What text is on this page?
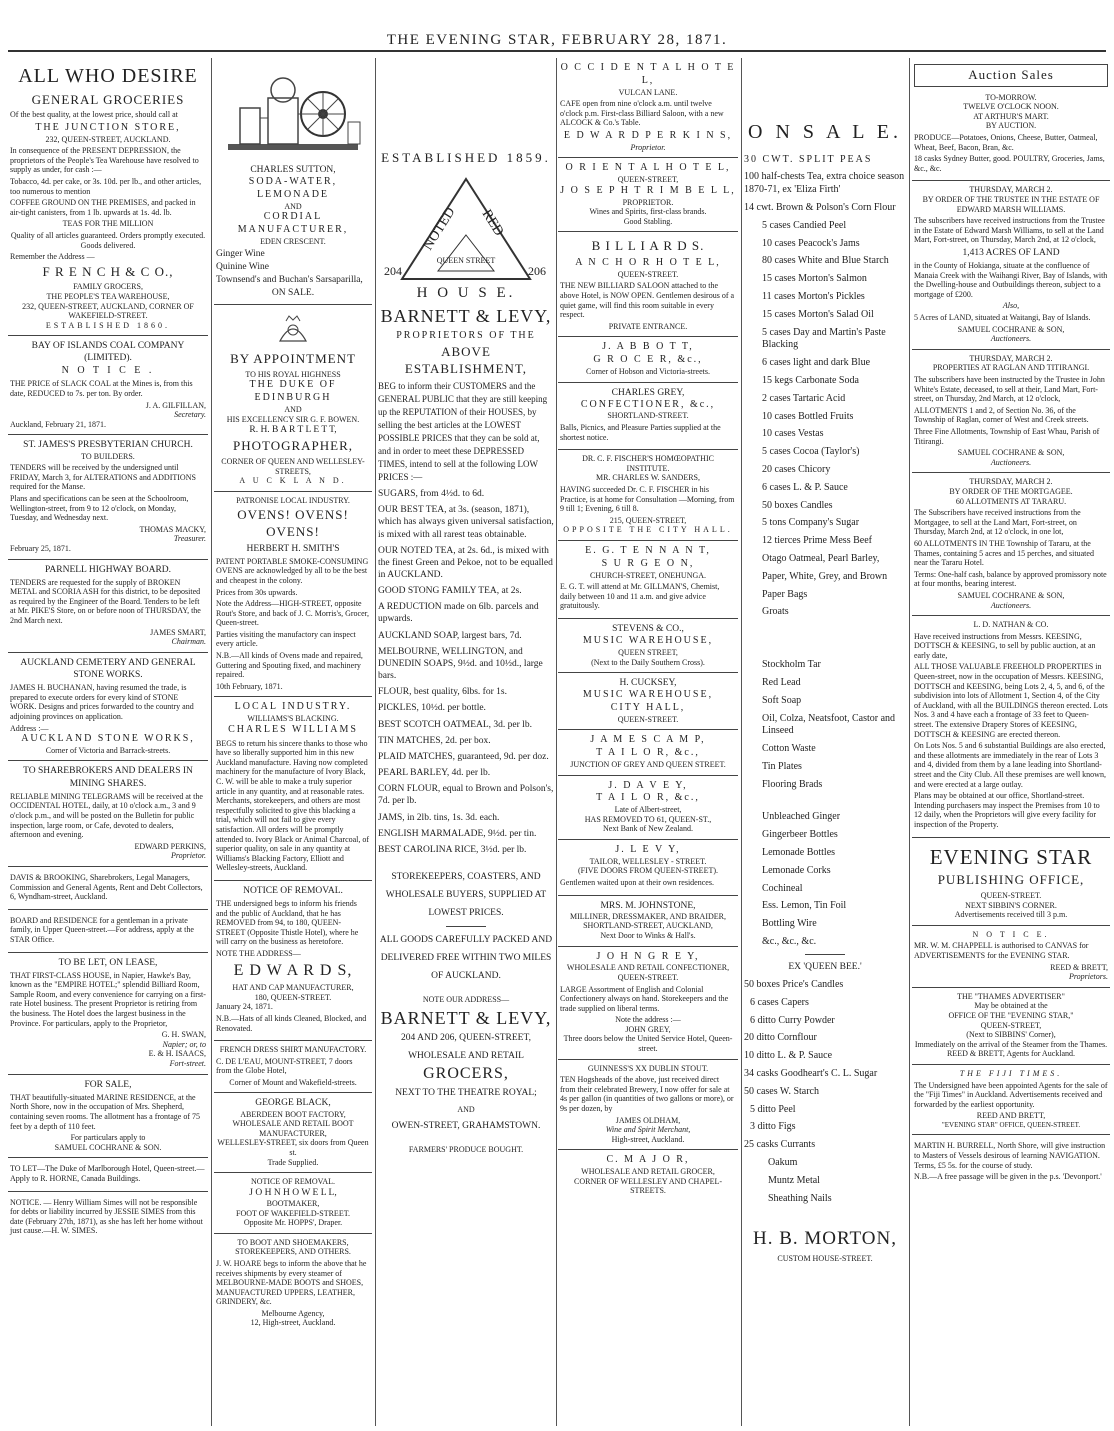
THE EVENING STAR, FEBRUARY 28, 1871.
ALL WHO DESIRE
GENERAL GROCERIES

Of the best quality, at the lowest price, should call at

THE JUNCTION STORE,
232, QUEEN-STREET, AUCKLAND.

In consequence of the PRESENT DEPRESSION, the proprietors of the People's Tea Warehouse have resolved to supply as under, for cash :—

Tobacco, 4d. per cake, or 3s. 10d. per lb., and other articles, too numerous to mention

COFFEE GROUND ON THE PREMISES, and packed in air-tight canisters, from 1 lb. upwards at 1s. 4d. lb.

TEAS FOR THE MILLION

Quality of all articles guaranteed. Orders promptly executed. Goods delivered.

Remember the Address —

F R E N C H & C O.,
FAMILY GROCERS,
THE PEOPLE'S TEA WAREHOUSE,
232, QUEEN-STREET, AUCKLAND, CORNER OF WAKEFIELD-STREET.
ESTABLISHED 1860.
BAY OF ISLANDS COAL COMPANY (LIMITED).
N O T I C E .

THE PRICE of SLACK COAL at the Mines is, from this date, REDUCED to 7s. per ton. By order.

J. A. GILFILLAN,
Secretary.
Auckland, February 21, 1871.
ST. JAMES'S PRESBYTERIAN CHURCH.
TO BUILDERS.

TENDERS will be received by the undersigned until FRIDAY, March 3, for ALTERATIONS and ADDITIONS required for the Manse.

Plans and specifications can be seen at the Schoolroom, Wellington-street, from 9 to 12 o'clock, on Monday, Tuesday, and Wednesday next.

THOMAS MACKY,
Treasurer.
February 25, 1871.
PARNELL HIGHWAY BOARD.

TENDERS are requested for the supply of BROKEN METAL and SCORIA ASH for this district, to be deposited as required by the Engineer of the Board. Tenders to be left at Mr. PIKE'S Store, on or before noon of THURSDAY, the 2nd March next.

JAMES SMART,
Chairman.
AUCKLAND CEMETERY AND GENERAL STONE WORKS.

JAMES H. BUCHANAN, having resumed the trade, is prepared to execute orders for every kind of STONE WORK. Designs and prices forwarded to the country and adjoining provinces on application.

Address :—
AUCKLAND STONE WORKS,
Corner of Victoria and Barrack-streets.
TO SHAREBROKERS AND DEALERS IN MINING SHARES.

RELIABLE MINING TELEGRAMS will be received at the OCCIDENTAL HOTEL, daily, at 10 o'clock a.m., 3 and 9 o'clock p.m., and will be posted on the Bulletin for public inspection, large room, or Cafe, devoted to dealers, afternoon and evening.

EDWARD PERKINS,
Proprietor.

DAVIS & BROOKING, Sharebrokers, Legal Managers, Commission and General Agents, Rent and Debt Collectors, 6, Wyndham-street, Auckland.

BOARD and RESIDENCE for a gentleman in a private family, in Upper Queen-street.—For address, apply at the STAR Office.

TO BE LET, ON LEASE,

THAT FIRST-CLASS HOUSE, in Napier, Hawke's Bay, known as the "EMPIRE HOTEL;" splendid Billiard Room, Sample Room, and every convenience for carrying on a first-rate Hotel business. The present Proprietor is retiring from the business. The Hotel does the largest business in the Province. For particulars, apply to the Proprietor,

G. H. SWAN,
Napier; or, to
E. & H. ISAACS,
Fort-street.
FOR SALE,

THAT beautifully-situated MARINE RESIDENCE, at the North Shore, now in the occupation of Mrs. Shepherd, containing seven rooms. The allotment has a frontage of 75 feet by a depth of 110 feet.

For particulars apply to
SAMUEL COCHRANE & SON.

TO LET—The Duke of Marlborough Hotel, Queen-street.—Apply to R. HORNE, Canada Buildings.

NOTICE. — Henry William Simes will not be responsible for debts or liability incurred by JESSIE SIMES from this date (February 27th, 1871), as she has left her home without just cause.—H. W. SIMES.

CHARLES SUTTON,
SODA-WATER, LEMONADE
AND
CORDIAL MANUFACTURER,
EDEN CRESCENT.
Ginger Wine
Quinine Wine
Townsend's and Buchan's Sarsaparilla,
ON SALE.
BY APPOINTMENT
TO HIS ROYAL HIGHNESS
THE DUKE OF EDINBURGH
AND
HIS EXCELLENCY SIR G. F. BOWEN.
R. H. B A R T L E T T,
PHOTOGRAPHER,
CORNER OF QUEEN AND WELLESLEY-STREETS,
A U C K L A N D.
PATRONISE LOCAL INDUSTRY.
OVENS! OVENS! OVENS!
HERBERT H. SMITH'S

PATENT PORTABLE SMOKE-CONSUMING OVENS are acknowledged by all to be the best and cheapest in the colony.

Prices from 30s upwards.

Note the Address—HIGH-STREET, opposite Rout's Store, and back of J. C. Morris's, Grocer, Queen-street.

Parties visiting the manufactory can inspect every article.

N.B.—All kinds of Ovens made and repaired, Guttering and Spouting fixed, and machinery repaired.

10th February, 1871.
LOCAL INDUSTRY.
WILLIAMS'S BLACKING.
CHARLES WILLIAMS

BEGS to return his sincere thanks to those who have so liberally supported him in this new Auckland manufacture. Having now completed machinery for the manufacture of Ivory Black, C. W. will be able to make a truly superior article in any quantity, and at reasonable rates. Merchants, storekeepers, and others are most respectfully solicited to give this blacking a trial, which will not fail to give every satisfaction. All orders will be promptly attended to. Ivory Black or Animal Charcoal, of superior quality, on sale in any quantity at Williams's Blacking Factory, Elliott and Wellesley-streets, Auckland.

NOTICE OF REMOVAL.

THE undersigned begs to inform his friends and the public of Auckland, that he has REMOVED from 94, to 180, QUEEN-STREET (Opposite Thistle Hotel), where he will carry on the business as heretofore.

NOTE THE ADDRESS—
E D W A R D S,
HAT AND CAP MANUFACTURER,
180, QUEEN-STREET.
January 24, 1871.

N.B.—Hats of all kinds Cleaned, Blocked, and Renovated.

FRENCH DRESS SHIRT MANUFACTORY.

C. DE L'EAU, MOUNT-STREET, 7 doors from the Globe Hotel,

Corner of Mount and Wakefield-streets.
GEORGE BLACK,
ABERDEEN BOOT FACTORY,
WHOLESALE AND RETAIL BOOT MANUFACTURER,
WELLESLEY-STREET, six doors from Queen st.
Trade Supplied.
NOTICE OF REMOVAL.
J O H N H O W E L L,
BOOTMAKER,
FOOT OF WAKEFIELD-STREET.
Opposite Mr. HOPPS', Draper.
TO BOOT AND SHOEMAKERS, STOREKEEPERS, AND OTHERS.

J. W. HOARE begs to inform the above that he receives shipments by every steamer of MELBOURNE-MADE BOOTS and SHOES, MANUFACTURED UPPERS, LEATHER, GRINDERY, &c.

Melbourne Agency,
12, High-street, Auckland.
ESTABLISHED 1859.
NOTED RED
204	206
QUEEN STREET
H O U S E.
BARNETT & LEVY,
PROPRIETORS OF THE
ABOVE ESTABLISHMENT,

BEG to inform their CUSTOMERS and the GENERAL PUBLIC that they are still keeping up the REPUTATION of their HOUSES, by selling the best articles at the LOWEST POSSIBLE PRICES that they can be sold at, and in order to meet these DEPRESSED TIMES, intend to sell at the following LOW PRICES :—

SUGARS, from 4½d. to 6d.
OUR BEST TEA, at 3s. (season, 1871), which has always given universal satisfaction, is mixed with all rarest teas obtainable.
OUR NOTED TEA, at 2s. 6d., is mixed with the finest Green and Pekoe, not to be equalled in AUCKLAND.
GOOD STONG FAMILY TEA, at 2s.
A REDUCTION made on 6lb. parcels and upwards.
AUCKLAND SOAP, largest bars, 7d.
MELBOURNE, WELLINGTON, and DUNEDIN SOAPS, 9½d. and 10½d., large bars.
FLOUR, best quality, 6lbs. for 1s.
PICKLES, 10½d. per bottle.
BEST SCOTCH OATMEAL, 3d. per lb.
TIN MATCHES, 2d. per box.
PLAID MATCHES, guaranteed, 9d. per doz.
PEARL BARLEY, 4d. per lb.
CORN FLOUR, equal to Brown and Polson's, 7d. per lb.
JAMS, in 2lb. tins, 1s. 3d. each.
ENGLISH MARMALADE, 9½d. per tin.
BEST CAROLINA RICE, 3½d. per lb.

STOREKEEPERS, COASTERS, AND WHOLESALE BUYERS, SUPPLIED AT LOWEST PRICES.

ALL GOODS CAREFULLY PACKED AND DELIVERED FREE WITHIN TWO MILES OF AUCKLAND.

NOTE OUR ADDRESS—
BARNETT & LEVY,
204 AND 206, QUEEN-STREET,
WHOLESALE AND RETAIL
GROCERS,
NEXT TO THE THEATRE ROYAL;
AND
OWEN-STREET, GRAHAMSTOWN.
FARMERS' PRODUCE BOUGHT.
O C C I D E N T A L H O T E L,
VULCAN LANE.

CAFE open from nine o'clock a.m. until twelve o'clock p.m. First-class Billiard Saloon, with a new ALCOCK & Co.'s Table.

E D W A R D P E R K I N S,
Proprietor.
O R I E N T A L H O T E L,
QUEEN-STREET,
J O S E P H T R I M B E L L,
PROPRIETOR.
Wines and Spirits, first-class brands.
Good Stabling.
B I L L I A R D S.
A N C H O R H O T E L,
QUEEN-STREET.

THE NEW BILLIARD SALOON attached to the above Hotel, is NOW OPEN. Gentlemen desirous of a quiet game, will find this room suitable in every respect.

PRIVATE ENTRANCE.
J. A B B O T T,
G R O C E R, &c.,
Corner of Hobson and Victoria-streets.
CHARLES GREY,
CONFECTIONER, &c.,
SHORTLAND-STREET.

Balls, Picnics, and Pleasure Parties supplied at the shortest notice.

DR. C. F. FISCHER'S HOMŒOPATHIC INSTITUTE.
MR. CHARLES W. SANDERS,

HAVING succeeded Dr. C. F. FISCHER in his Practice, is at home for Consultation —Morning, from 9 till 1; Evening, 6 till 8.

215, QUEEN-STREET,
OPPOSITE THE CITY HALL.
E. G. T E N N A N T,
S U R G E O N,
CHURCH-STREET, ONEHUNGA.

E. G. T. will attend at Mr. GILLMAN'S, Chemist, daily between 10 and 11 a.m. and give advice gratuitously.

STEVENS & CO.,
MUSIC WAREHOUSE,
QUEEN STREET,
(Next to the Daily Southern Cross).
H. CUCKSEY,
MUSIC WAREHOUSE,
CITY HALL,
QUEEN-STREET.
J A M E S C A M P,
T A I L O R, &c.,
JUNCTION OF GREY AND QUEEN STREET.
J. D A V E Y,
T A I L O R, &c.,
Late of Albert-street,
HAS REMOVED TO 61, QUEEN-ST.,
Next Bank of New Zealand.
J. L E V Y,
TAILOR, WELLESLEY - STREET.
(FIVE DOORS FROM QUEEN-STREET).

Gentlemen waited upon at their own residences.

MRS. M. JOHNSTONE,
MILLINER, DRESSMAKER, AND BRAIDER,
SHORTLAND-STREET, AUCKLAND,
Next Door to Winks & Hall's.
J O H N G R E Y,
WHOLESALE AND RETAIL CONFECTIONER,
QUEEN-STREET.

LARGE Assortment of English and Colonial Confectionery always on hand. Storekeepers and the trade supplied on liberal terms.

Note the address :—
JOHN GREY,
Three doors below the United Service Hotel, Queen-street.
GUINNESS'S XX DUBLIN STOUT.

TEN Hogsheads of the above, just received direct from their celebrated Brewery, I now offer for sale at 4s per gallon (in quantities of two gallons or more), or 9s per dozen, by

JAMES OLDHAM,
Wine and Spirit Merchant,
High-street, Auckland.
C. M A J O R,
WHOLESALE AND RETAIL GROCER,
CORNER OF WELLESLEY AND CHAPEL-STREETS.
O N S A L E.
30 CWT. SPLIT PEAS
100 half-chests Tea, extra choice season 1870-71, ex 'Eliza Firth'
14 cwt. Brown & Polson's Corn Flour
5 cases Candied Peel
10 cases Peacock's Jams
80 cases White and Blue Starch
15 cases Morton's Salmon
11 cases Morton's Pickles
15 cases Morton's Salad Oil
5 cases Day and Martin's Paste Blacking
6 cases light and dark Blue
15 kegs Carbonate Soda
2 cases Tartaric Acid
10 cases Bottled Fruits
10 cases Vestas
5 cases Cocoa (Taylor's)
20 cases Chicory
6 cases L. & P. Sauce
50 boxes Candles
5 tons Company's Sugar
12 tierces Prime Mess Beef
Otago Oatmeal, Pearl Barley,
Paper, White, Grey, and Brown
Paper Bags
Groats
Stockholm Tar
Red Lead
Soft Soap
Oil, Colza, Neatsfoot, Castor and Linseed
Cotton Waste
Tin Plates
Flooring Brads
Unbleached Ginger
Gingerbeer Bottles
Lemonade Bottles
Lemonade Corks
Cochineal
Ess. Lemon, Tin Foil
Bottling Wire
&c., &c., &c.
EX 'QUEEN BEE.'
50 boxes Price's Candles
6 cases Capers
6 ditto Curry Powder
20 ditto Cornflour
10 ditto L. & P. Sauce
34 casks Goodheart's C. L. Sugar
50 cases W. Starch
5 ditto Peel
3 ditto Figs
25 casks Currants
Oakum
Muntz Metal
Sheathing Nails
H. B. MORTON,
CUSTOM HOUSE-STREET.
Auction Sales
TO-MORROW.
TWELVE O'CLOCK NOON.
AT ARTHUR'S MART.
BY AUCTION.

PRODUCE—Potatoes, Onions, Cheese, Butter, Oatmeal, Wheat, Beef, Bacon, Bran, &c.

18 casks Sydney Butter, good. POULTRY, Groceries, Jams, &c., &c.

THURSDAY, MARCH 2.
BY ORDER OF THE TRUSTEE IN THE ESTATE OF EDWARD MARSH WILLIAMS.

The subscribers have received instructions from the Trustee in the Estate of Edward Marsh Williams, to sell at the Land Mart, Fort-street, on Thursday, March 2nd, at 12 o'clock,

1,413 ACRES OF LAND

in the County of Hokianga, situate at the confluence of Manaia Creek with the Waihangi River, Bay of Islands, with the Dwelling-house and Outbuildings thereon, subject to a mortgage of £200.

Also,

5 Acres of LAND, situated at Waitangi, Bay of Islands.

SAMUEL COCHRANE & SON,
Auctioneers.
THURSDAY, MARCH 2.
PROPERTIES AT RAGLAN AND TITIRANGI.

The subscribers have been instructed by the Trustee in John White's Estate, deceased, to sell at their, Land Mart, Fort-street, on Thursday, 2nd March, at 12 o'clock,

ALLOTMENTS 1 and 2, of Section No. 36, of the Township of Raglan, corner of West and Creek streets.

Three Fine Allotments, Township of East Whau, Parish of Titirangi.

SAMUEL COCHRANE & SON,
Auctioneers.
THURSDAY, MARCH 2.
BY ORDER OF THE MORTGAGEE.
60 ALLOTMENTS AT TARARU.

The Subscribers have received instructions from the Mortgagee, to sell at the Land Mart, Fort-street, on Thursday, March 2nd, at 12 o'clock, in one lot,

60 ALLOTMENTS IN THE Township of Tararu, at the Thames, containing 5 acres and 15 perches, and situated near the Tararu Hotel.

Terms: One-half cash, balance by approved promissory note at four months, bearing interest.

SAMUEL COCHRANE & SON,
Auctioneers.
L. D. NATHAN & CO.

Have received instructions from Messrs. KEESING, DOTTSCH & KEESING, to sell by public auction, at an early date,

ALL THOSE VALUABLE FREEHOLD PROPERTIES in Queen-street, now in the occupation of Messrs. KEESING, DOTTSCH and KEESING, being Lots 2, 4, 5, and 6, of the subdivision into lots of Allotment 1, Section 4, of the City of Auckland, with all the BUILDINGS thereon erected. Lots Nos. 3 and 4 have each a frontage of 33 feet to Queen-street. The extensive Drapery Stores of KEESING, DOTTSCH & KEESING are erected thereon.

On Lots Nos. 5 and 6 substantial Buildings are also erected, and these allotments are immediately in the rear of Lots 3 and 4, divided from them by a lane leading into Shortland-street and the City Club. All these premises are well known, and were erected at a large outlay.

Plans may be obtained at our office, Shortland-street. Intending purchasers may inspect the Premises from 10 to 12 daily, when the Proprietors will give every facility for inspection of the Property.

EVENING STAR
PUBLISHING OFFICE,
QUEEN-STREET.
NEXT SIBBIN'S CORNER.
Advertisements received till 3 p.m.
N O T I C E.

MR. W. M. CHAPPELL is authorised to CANVAS for ADVERTISEMENTS for the EVENING STAR.

REED & BRETT,
Proprietors.
THE "THAMES ADVERTISER"
May be obtained at the
OFFICE OF THE "EVENING STAR,"
QUEEN-STREET,
(Next to SIBBINS' Corner),
Immediately on the arrival of the Steamer from the Thames.
REED & BRETT, Agents for Auckland.
THE FIJI TIMES.

The Undersigned have been appointed Agents for the sale of the "Fiji Times" in Auckland. Advertisements received and forwarded by the earliest opportunity.

REED AND BRETT,
"EVENING STAR" OFFICE, QUEEN-STREET.

MARTIN H. BURRELL, North Shore, will give instruction to Masters of Vessels desirous of learning NAVIGATION. Terms, £5 5s. for the course of study.

N.B.—A free passage will be given in the p.s. 'Devonport.'
